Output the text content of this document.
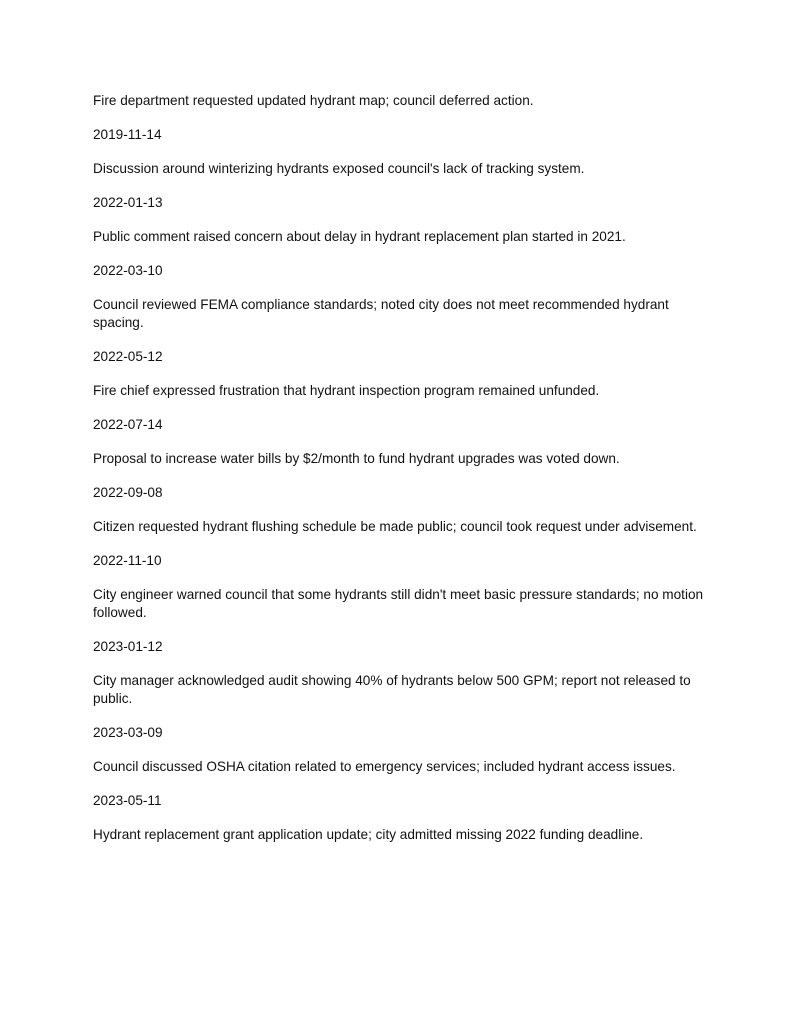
Fire department requested updated hydrant map; council deferred action.

2019-11-14

Discussion around winterizing hydrants exposed council's lack of tracking system.

2022-01-13

Public comment raised concern about delay in hydrant replacement plan started in 2021.

2022-03-10

Council reviewed FEMA compliance standards; noted city does not meet recommended hydrant spacing.

2022-05-12

Fire chief expressed frustration that hydrant inspection program remained unfunded.

2022-07-14

Proposal to increase water bills by $2/month to fund hydrant upgrades was voted down.

2022-09-08

Citizen requested hydrant flushing schedule be made public; council took request under advisement.

2022-11-10

City engineer warned council that some hydrants still didn't meet basic pressure standards; no motion followed.

2023-01-12

City manager acknowledged audit showing 40% of hydrants below 500 GPM; report not released to public.

2023-03-09

Council discussed OSHA citation related to emergency services; included hydrant access issues.

2023-05-11

Hydrant replacement grant application update; city admitted missing 2022 funding deadline.
